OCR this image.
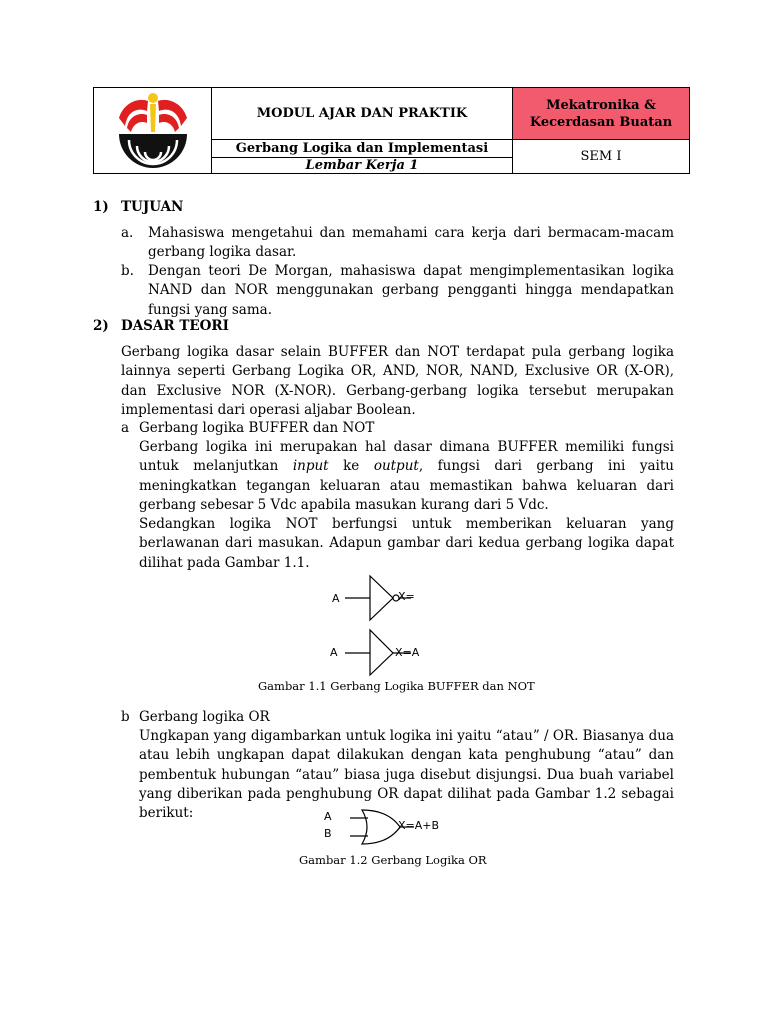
MODUL AJAR DAN PRAKTIK
Mekatronika & Kecerdasan Buatan
Gerbang Logika dan Implementasi
Lembar Kerja 1
SEM I
1) TUJUAN
a. Mahasiswa mengetahui dan memahami cara kerja dari bermacam-macam gerbang logika dasar.
b. Dengan teori De Morgan, mahasiswa dapat mengimplementasikan logika NAND dan NOR menggunakan gerbang pengganti hingga mendapatkan fungsi yang sama.
2) DASAR TEORI
Gerbang logika dasar selain BUFFER dan NOT terdapat pula gerbang logika lainnya seperti Gerbang Logika OR, AND, NOR, NAND, Exclusive OR (X-OR), dan Exclusive NOR (X-NOR). Gerbang-gerbang logika tersebut merupakan implementasi dari operasi aljabar Boolean.
a Gerbang logika BUFFER dan NOT
Gerbang logika ini merupakan hal dasar dimana BUFFER memiliki fungsi untuk melanjutkan input ke output, fungsi dari gerbang ini yaitu meningkatkan tegangan keluaran atau memastikan bahwa keluaran dari gerbang sebesar 5 Vdc apabila masukan kurang dari 5 Vdc.
Sedangkan logika NOT berfungsi untuk memberikan keluaran yang berlawanan dari masukan. Adapun gambar dari kedua gerbang logika dapat dilihat pada Gambar 1.1.
A	X=
A	X=A
Gambar 1.1 Gerbang Logika BUFFER dan NOT
b Gerbang logika OR
Ungkapan yang digambarkan untuk logika ini yaitu “atau” / OR. Biasanya dua atau lebih ungkapan dapat dilakukan dengan kata penghubung “atau” dan pembentuk hubungan “atau” biasa juga disebut disjungsi. Dua buah variabel yang diberikan pada penghubung OR dapat dilihat pada Gambar 1.2 sebagai berikut:	A
B
X=A+B
Gambar 1.2 Gerbang Logika OR
